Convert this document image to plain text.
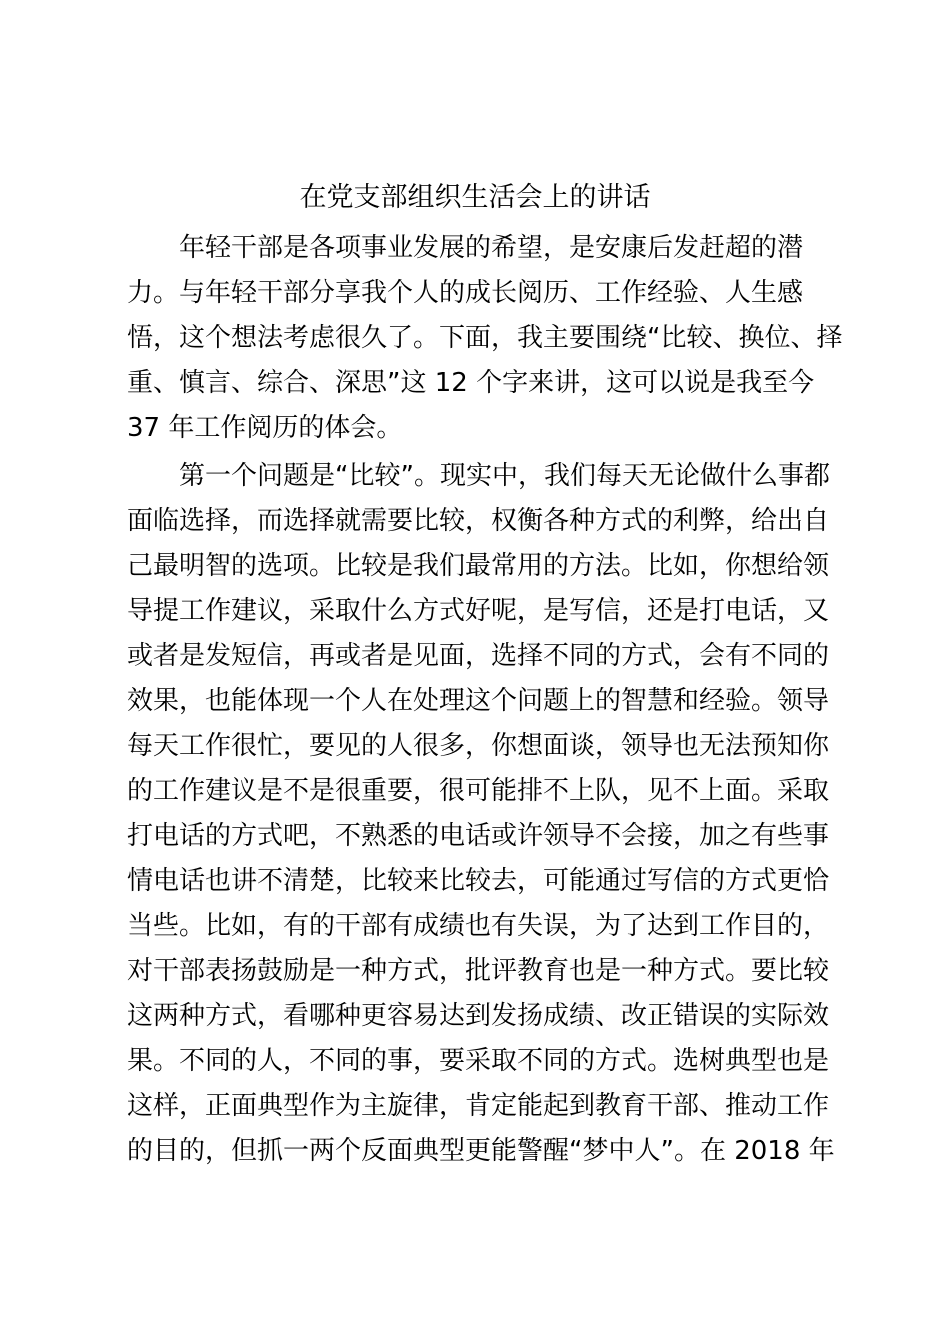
在党支部组织生活会上的讲话

　　年轻干部是各项事业发展的希望，是安康后发赶超的潜
力。与年轻干部分享我个人的成长阅历、工作经验、人生感
悟，这个想法考虑很久了。下面，我主要围绕“比较、换位、择
重、慎言、综合、深思”这 12 个字来讲，这可以说是我至今
37 年工作阅历的体会。

　　第一个问题是“比较”。现实中，我们每天无论做什么事都
面临选择，而选择就需要比较，权衡各种方式的利弊，给出自
己最明智的选项。比较是我们最常用的方法。比如，你想给领
导提工作建议，采取什么方式好呢，是写信，还是打电话，又
或者是发短信，再或者是见面，选择不同的方式，会有不同的
效果，也能体现一个人在处理这个问题上的智慧和经验。领导
每天工作很忙，要见的人很多，你想面谈，领导也无法预知你
的工作建议是不是很重要，很可能排不上队，见不上面。采取
打电话的方式吧，不熟悉的电话或许领导不会接，加之有些事
情电话也讲不清楚，比较来比较去，可能通过写信的方式更恰
当些。比如，有的干部有成绩也有失误，为了达到工作目的，
对干部表扬鼓励是一种方式，批评教育也是一种方式。要比较
这两种方式，看哪种更容易达到发扬成绩、改正错误的实际效
果。不同的人，不同的事，要采取不同的方式。选树典型也是
这样，正面典型作为主旋律，肯定能起到教育干部、推动工作
的目的，但抓一两个反面典型更能警醒“梦中人”。在 2018 年
